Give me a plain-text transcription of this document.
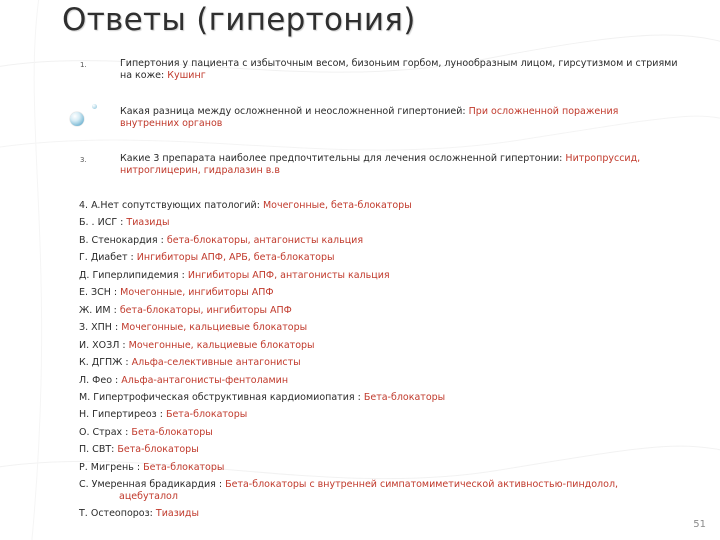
Ответы (гипертония)
1.	Гипертония у пациента с избыточным весом, бизоньим горбом, лунообразным лицом, гирсутизмом и стриями на коже: Кушинг
Какая разница между осложненной и неосложненной гипертонией: При осложненной поражения внутренних органов
3.	Какие 3 препарата наиболее предпочтительны для лечения осложненной гипертонии: Нитропруссид, нитроглицерин, гидралазин в.в
4. A.Нет сопутствующих патологий: Мочегонные, бета-блокаторы
Б. . ИСГ : Тиазиды
В. Стенокардия : бета-блокаторы, антагонисты кальция
Г. Диабет : Ингибиторы АПФ, АРБ, бета-блокаторы
Д. Гиперлипидемия : Ингибиторы АПФ, антагонисты кальция
Е. ЗСН : Мочегонные, ингибиторы АПФ
Ж. ИМ : бета-блокаторы, ингибиторы АПФ
З. ХПН : Мочегонные, кальциевые блокаторы
И. ХОЗЛ : Мочегонные, кальциевые блокаторы
К. ДГПЖ : Альфа-селективные антагонисты
Л. Фео : Альфа-антагонисты-фентоламин
М. Гипертрофическая обструктивная кардиомиопатия : Бета-блокаторы
Н. Гипертиреоз : Бета-блокаторы
О. Страх : Бета-блокаторы
П. СВТ: Бета-блокаторы
Р. Мигрень : Бета-блокаторы
С. Умеренная брадикардия : Бета-блокаторы с внутренней симпатомиметической активностью-пиндолол,
ацебуталол
Т. Остеопороз: Тиазиды
51
